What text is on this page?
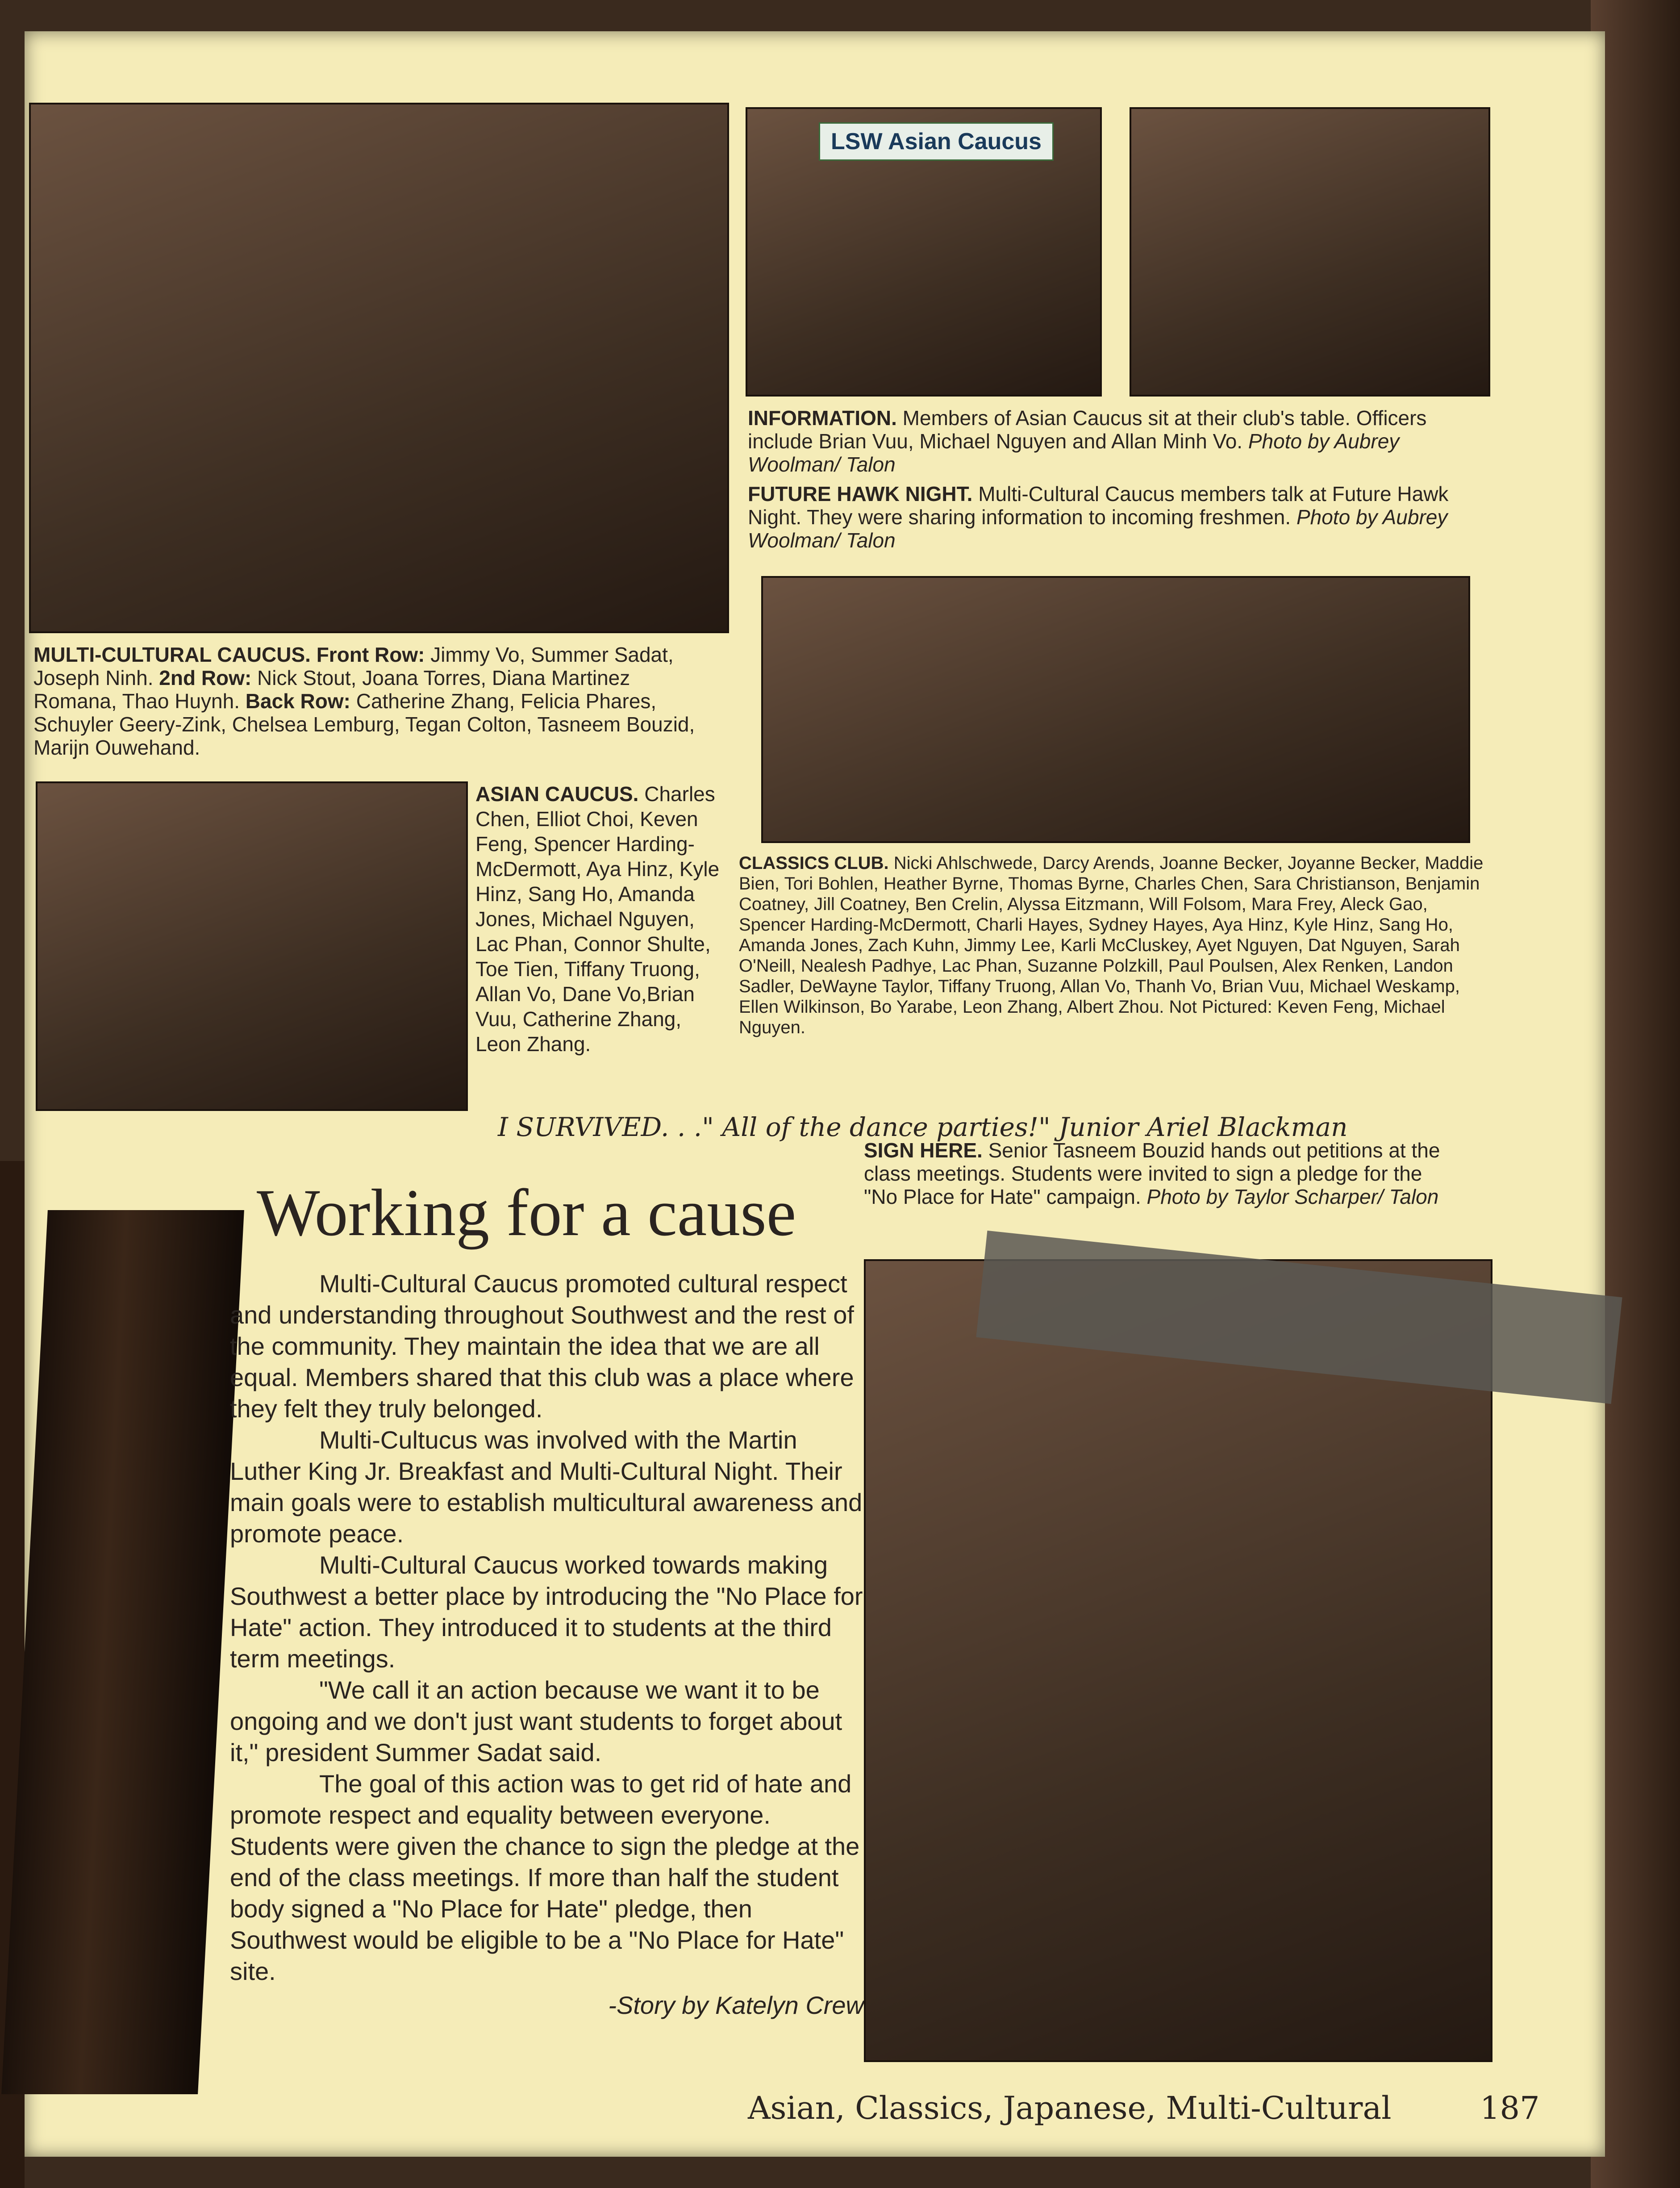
LSW Asian Caucus
INFORMATION. Members of Asian Caucus sit at their club's table. Officers include Brian Vuu, Michael Nguyen and Allan Minh Vo. Photo by Aubrey Woolman/ Talon
FUTURE HAWK NIGHT. Multi-Cultural Caucus members talk at Future Hawk Night. They were sharing information to incoming freshmen. Photo by Aubrey Woolman/ Talon
MULTI-CULTURAL CAUCUS. Front Row: Jimmy Vo, Summer Sadat, Joseph Ninh. 2nd Row: Nick Stout, Joana Torres, Diana Martinez Romana, Thao Huynh. Back Row: Catherine Zhang, Felicia Phares, Schuyler Geery-Zink, Chelsea Lemburg, Tegan Colton, Tasneem Bouzid, Marijn Ouwehand.
ASIAN CAUCUS. Charles Chen, Elliot Choi, Keven Feng, Spencer Harding-McDermott, Aya Hinz, Kyle Hinz, Sang Ho, Amanda Jones, Michael Nguyen, Lac Phan, Connor Shulte, Toe Tien, Tiffany Truong, Allan Vo, Dane Vo,Brian Vuu, Catherine Zhang, Leon Zhang.
CLASSICS CLUB. Nicki Ahlschwede, Darcy Arends, Joanne Becker, Joyanne Becker, Maddie Bien, Tori Bohlen, Heather Byrne, Thomas Byrne, Charles Chen, Sara Christianson, Benjamin Coatney, Jill Coatney, Ben Crelin, Alyssa Eitzmann, Will Folsom, Mara Frey, Aleck Gao, Spencer Harding-McDermott, Charli Hayes, Sydney Hayes, Aya Hinz, Kyle Hinz, Sang Ho, Amanda Jones, Zach Kuhn, Jimmy Lee, Karli McCluskey, Ayet Nguyen, Dat Nguyen, Sarah O'Neill, Nealesh Padhye, Lac Phan, Suzanne Polzkill, Paul Poulsen, Alex Renken, Landon Sadler, DeWayne Taylor, Tiffany Truong, Allan Vo, Thanh Vo, Brian Vuu, Michael Weskamp, Ellen Wilkinson, Bo Yarabe, Leon Zhang, Albert Zhou. Not Pictured: Keven Feng, Michael Nguyen.
I SURVIVED. . ." All of the dance parties!" Junior Ariel Blackman
Working for a cause

Multi-Cultural Caucus promoted cultural respect and understanding throughout Southwest and the rest of the community. They maintain the idea that we are all equal. Members shared that this club was a place where they felt they truly belonged.

Multi-Cultucus was involved with the Martin Luther King Jr. Breakfast and Multi-Cultural Night. Their main goals were to establish multicultural awareness and promote peace.

Multi-Cultural Caucus worked towards making Southwest a better place by introducing the "No Place for Hate" action. They introduced it to students at the third term meetings.

"We call it an action because we want it to be ongoing and we don't just want students to forget about it," president Summer Sadat said.

The goal of this action was to get rid of hate and promote respect and equality between everyone. Students were given the chance to sign the pledge at the end of the class meetings. If more than half the student body signed a "No Place for Hate" pledge, then Southwest would be eligible to be a "No Place for Hate" site.

-Story by Katelyn Crew

SIGN HERE. Senior Tasneem Bouzid hands out petitions at the class meetings. Students were invited to sign a pledge for the "No Place for Hate" campaign. Photo by Taylor Scharper/ Talon
Asian, Classics, Japanese, Multi-Cultural	187
